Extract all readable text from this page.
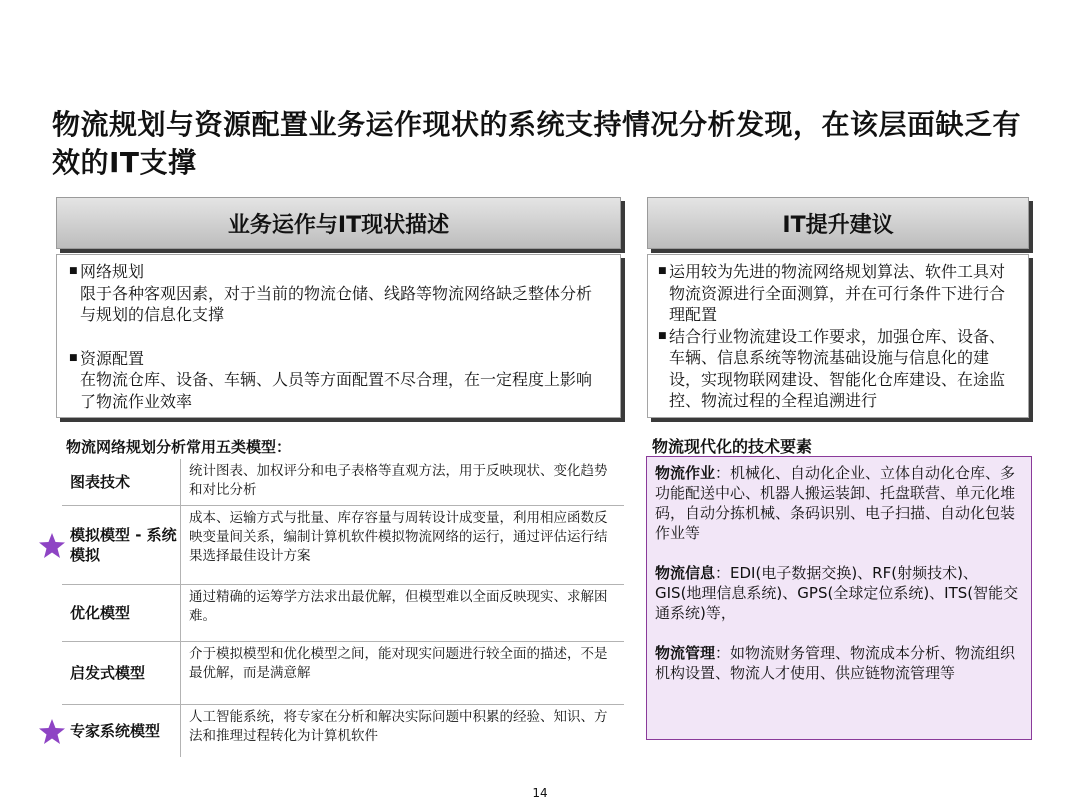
物流规划与资源配置业务运作现状的系统支持情况分析发现，在该层面缺乏有效的IT支撑
业务运作与IT现状描述
■ 网络规划
限于各种客观因素，对于当前的物流仓储、线路等物流网络缺乏整体分析与规划的信息化支撑
■ 资源配置
在物流仓库、设备、车辆、人员等方面配置不尽合理，在一定程度上影响了物流作业效率
IT提升建议
■ 运用较为先进的物流网络规划算法、软件工具对物流资源进行全面测算，并在可行条件下进行合理配置
■ 结合行业物流建设工作要求，加强仓库、设备、车辆、信息系统等物流基础设施与信息化的建设，实现物联网建设、智能化仓库建设、在途监控、物流过程的全程追溯进行
物流网络规划分析常用五类模型：
图表技术
统计图表、加权评分和电子表格等直观方法，用于反映现状、变化趋势和对比分析
模拟模型 - 系统模拟
成本、运输方式与批量、库存容量与周转设计成变量，利用相应函数反映变量间关系，编制计算机软件模拟物流网络的运行，通过评估运行结果选择最佳设计方案
优化模型
通过精确的运筹学方法求出最优解，但模型难以全面反映现实、求解困难。
启发式模型
介于模拟模型和优化模型之间，能对现实问题进行较全面的描述，不是最优解，而是满意解
专家系统模型
人工智能系统，将专家在分析和解决实际问题中积累的经验、知识、方法和推理过程转化为计算机软件
物流现代化的技术要素

物流作业：机械化、自动化企业、立体自动化仓库、多功能配送中心、机器人搬运装卸、托盘联营、单元化堆码，自动分拣机械、条码识别、电子扫描、自动化包装作业等

物流信息：EDI(电子数据交换)、RF(射频技术)、GIS(地理信息系统)、GPS(全球定位系统)、ITS(智能交通系统)等，

物流管理：如物流财务管理、物流成本分析、物流组织机构设置、物流人才使用、供应链物流管理等

14
